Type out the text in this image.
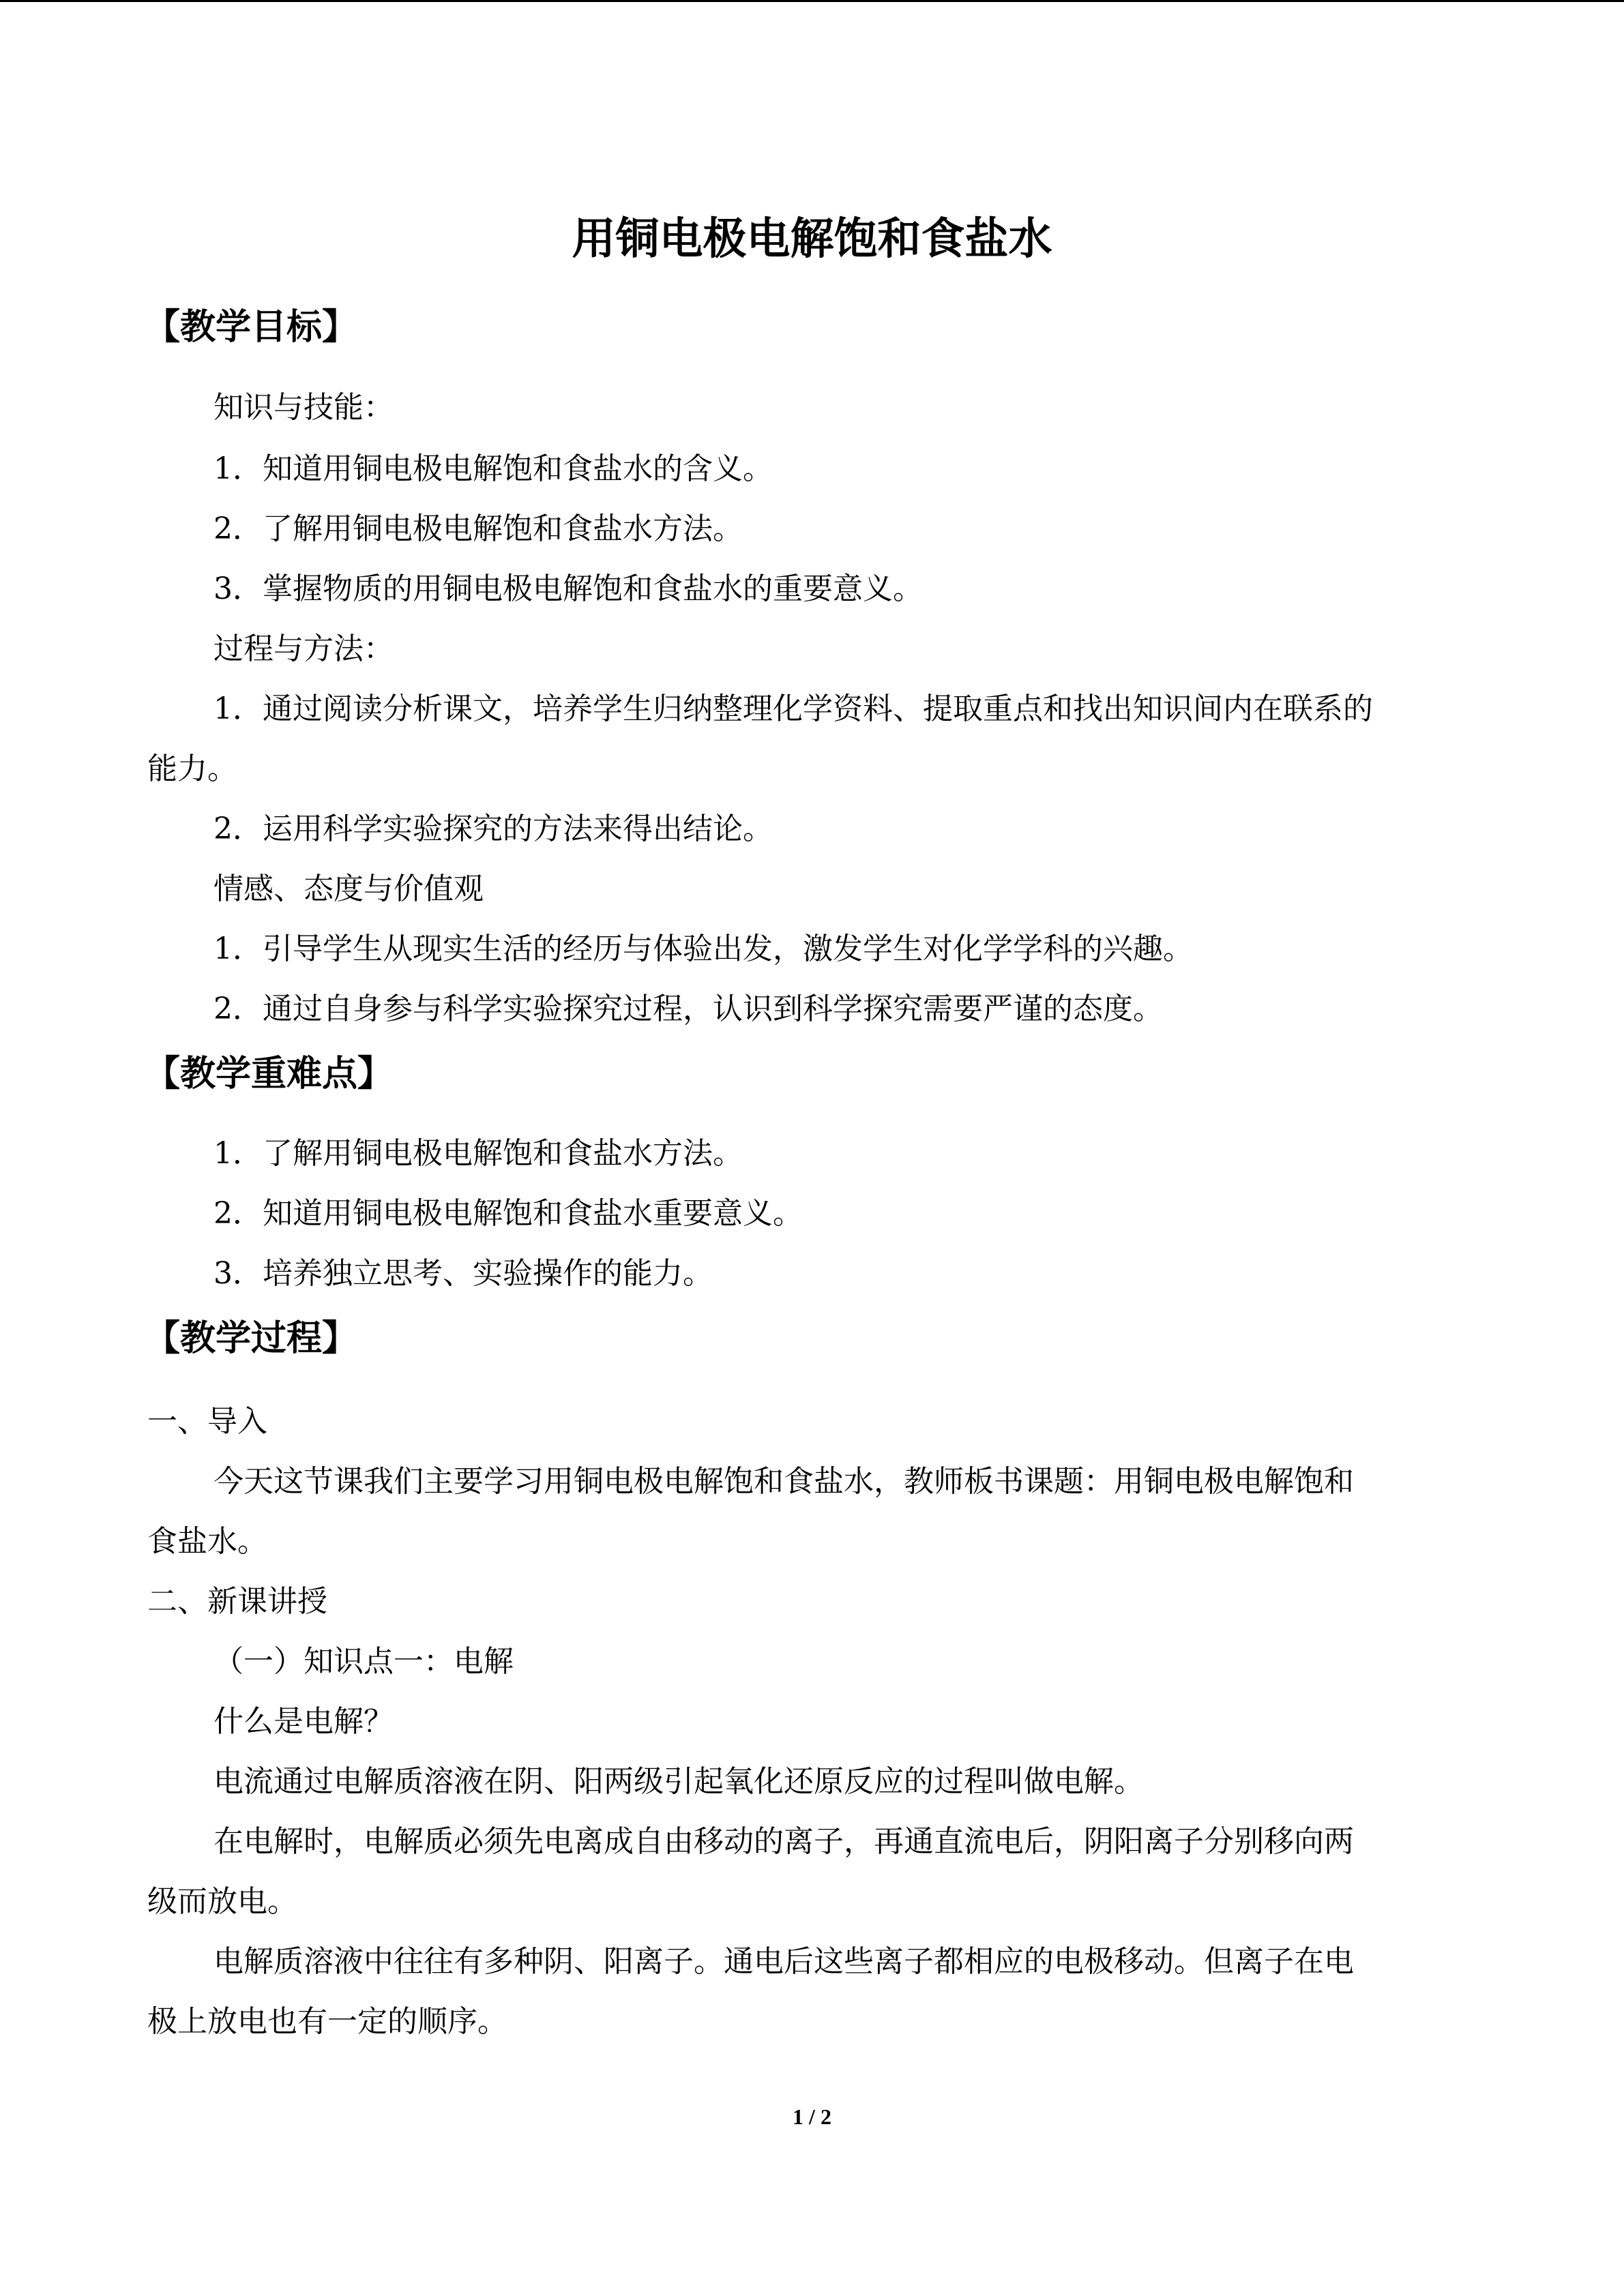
用铜电极电解饱和食盐水
【教学目标】
知识与技能：
1．知道用铜电极电解饱和食盐水的含义。
2．了解用铜电极电解饱和食盐水方法。
3．掌握物质的用铜电极电解饱和食盐水的重要意义。
过程与方法：
1．通过阅读分析课文，培养学生归纳整理化学资料、提取重点和找出知识间内在联系的
能力。
2．运用科学实验探究的方法来得出结论。
情感、态度与价值观
1．引导学生从现实生活的经历与体验出发，激发学生对化学学科的兴趣。
2．通过自身参与科学实验探究过程，认识到科学探究需要严谨的态度。
【教学重难点】
1．了解用铜电极电解饱和食盐水方法。
2．知道用铜电极电解饱和食盐水重要意义。
3．培养独立思考、实验操作的能力。
【教学过程】
一、导入
今天这节课我们主要学习用铜电极电解饱和食盐水，教师板书课题：用铜电极电解饱和
食盐水。
二、新课讲授
（一）知识点一：电解
什么是电解？
电流通过电解质溶液在阴、阳两级引起氧化还原反应的过程叫做电解。
在电解时，电解质必须先电离成自由移动的离子，再通直流电后，阴阳离子分别移向两
级而放电。
电解质溶液中往往有多种阴、阳离子。通电后这些离子都相应的电极移动。但离子在电
极上放电也有一定的顺序。
1 / 2
